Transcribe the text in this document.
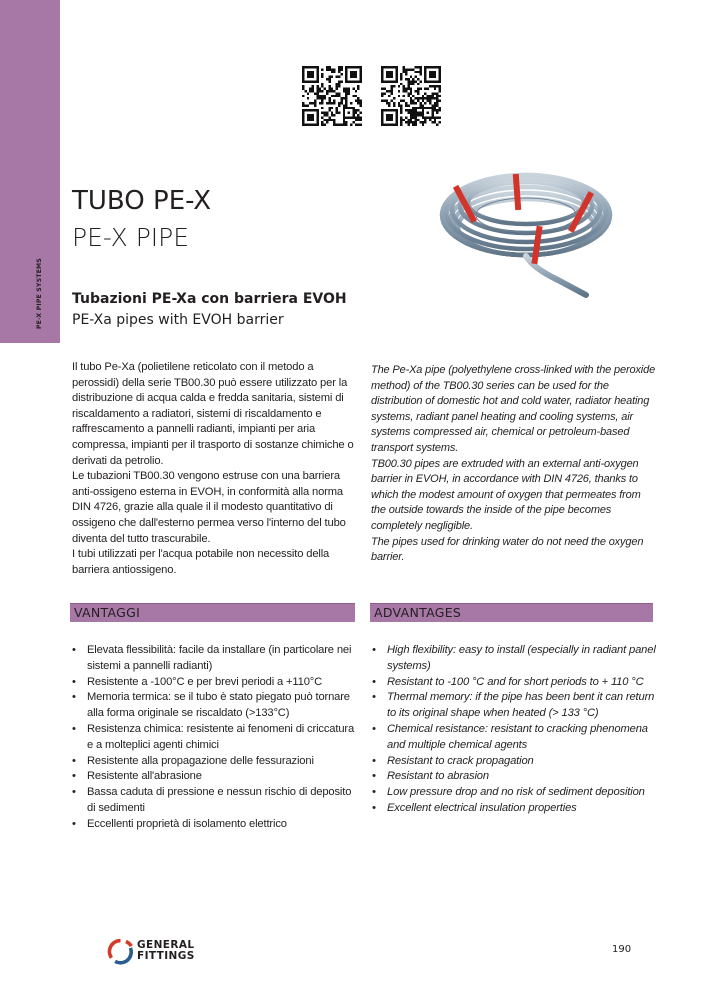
PE-X PIPE SYSTEMS
TUBO PE-X
PE-X PIPE
Tubazioni PE-Xa con barriera EVOH
PE-Xa pipes with EVOH barrier

Il tubo Pe-Xa (polietilene reticolato con il metodo a perossidi) della serie TB00.30 può essere utilizzato per la distribuzione di acqua calda e fredda sanitaria, sistemi di riscaldamento a radiatori, sistemi di riscaldamento e raffrescamento a pannelli radianti, impianti per aria compressa, impianti per il trasporto di sostanze chimiche o derivati da petrolio.

Le tubazioni TB00.30 vengono estruse con una barriera anti-ossigeno esterna in EVOH, in conformità alla norma DIN 4726, grazie alla quale il il modesto quantitativo di ossigeno che dall'esterno permea verso l'interno del tubo diventa del tutto trascurabile.

I tubi utilizzati per l'acqua potabile non necessito della barriera antiossigeno.

The Pe-Xa pipe (polyethylene cross-linked with the peroxide method) of the TB00.30 series can be used for the distribution of domestic hot and cold water, radiator heating systems, radiant panel heating and cooling systems, air systems compressed air, chemical or petroleum-based transport systems.

TB00.30 pipes are extruded with an external anti-oxygen barrier in EVOH, in accordance with DIN 4726, thanks to which the modest amount of oxygen that permeates from the outside towards the inside of the pipe becomes completely negligible.

The pipes used for drinking water do not need the oxygen barrier.

VANTAGGI	ADVANTAGES
• Elevata flessibilità: facile da installare (in particolare nei sistemi a pannelli radianti)
• Resistente a -100°C e per brevi periodi a +110°C
• Memoria termica: se il tubo è stato piegato può tornare alla forma originale se riscaldato (>133°C)
• Resistenza chimica: resistente ai fenomeni di criccatura e a molteplici agenti chimici
• Resistente alla propagazione delle fessurazioni
• Resistente all'abrasione
• Bassa caduta di pressione e nessun rischio di deposito di sedimenti
• Eccellenti proprietà di isolamento elettrico
• High flexibility: easy to install (especially in radiant panel systems)
• Resistant to -100 °C and for short periods to + 110 °C
• Thermal memory: if the pipe has been bent it can return to its original shape when heated (> 133 °C)
• Chemical resistance: resistant to cracking phenomena and multiple chemical agents
• Resistant to crack propagation
• Resistant to abrasion
• Low pressure drop and no risk of sediment deposition
• Excellent electrical insulation properties
GENERAL
FITTINGS
190
